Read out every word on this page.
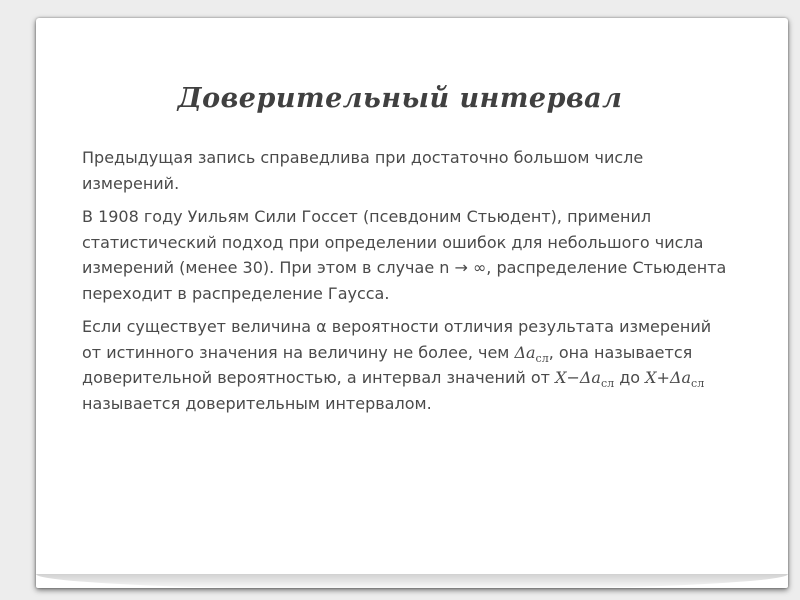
Доверительный интервал

Предыдущая запись справедлива при достаточно большом числе измерений.

В 1908 году Уильям Сили Госсет (псевдоним Стьюдент), применил статистический подход при определении ошибок для небольшого числа измерений (менее 30). При этом в случае n → ∞, распределение Стьюдента переходит в распределение Гаусса.

Если существует величина α вероятности отличия результата измерений от истинного значения на величину не более, чем $\Delta a_{сл}$, она называется доверительной вероятностью, а интервал значений от $X-\Delta a_{сл}$ до $X+\Delta a_{сл}$ называется доверительным интервалом.
